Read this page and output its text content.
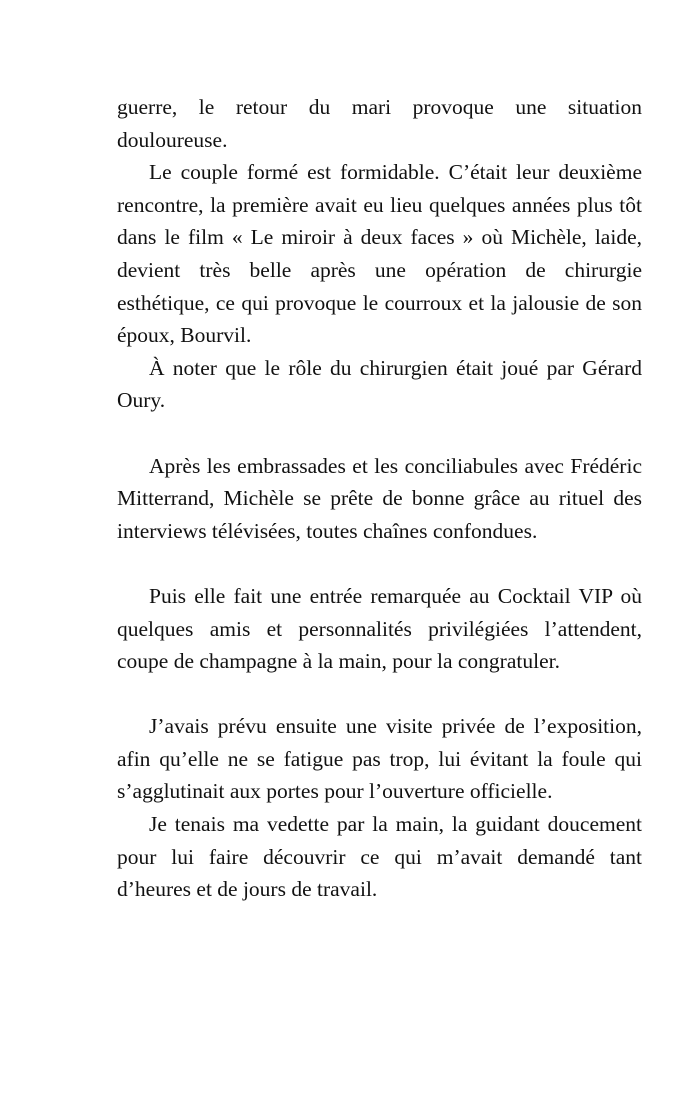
guerre, le retour du mari provoque une situation douloureuse.

Le couple formé est formidable. C’était leur deuxième rencontre, la première avait eu lieu quelques années plus tôt dans le film « Le miroir à deux faces » où Michèle, laide, devient très belle après une opération de chirurgie esthétique, ce qui provoque le courroux et la jalousie de son époux, Bourvil.

À noter que le rôle du chirurgien était joué par Gérard Oury.

Après les embrassades et les conciliabules avec Frédéric Mitterrand, Michèle se prête de bonne grâce au rituel des interviews télévisées, toutes chaînes confondues.

Puis elle fait une entrée remarquée au Cocktail VIP où quelques amis et personnalités privilégiées l’attendent, coupe de champagne à la main, pour la congratuler.

J’avais prévu ensuite une visite privée de l’exposition, afin qu’elle ne se fatigue pas trop, lui évitant la foule qui s’agglutinait aux portes pour l’ouverture officielle.

Je tenais ma vedette par la main, la guidant doucement pour lui faire découvrir ce qui m’avait demandé tant d’heures et de jours de travail.
